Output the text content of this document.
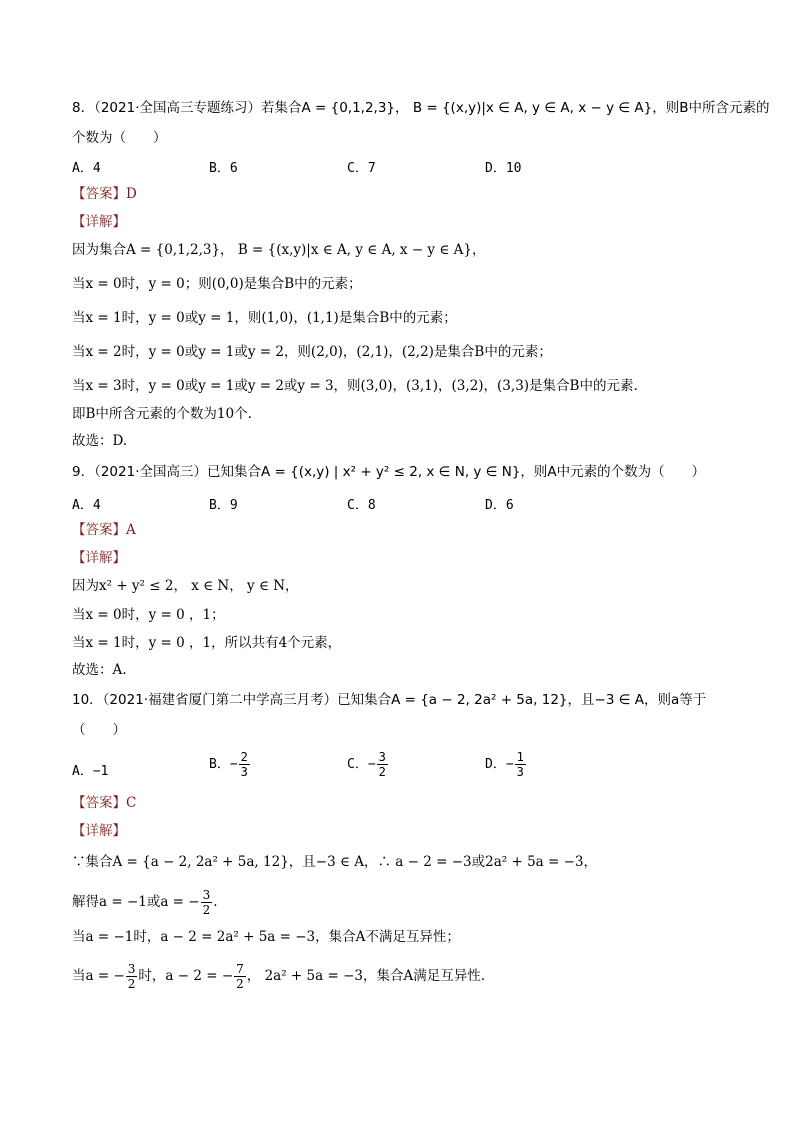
8．（2021·全国高三专题练习）若集合A = {0,1,2,3}， B = {(x,y)|x ∈ A, y ∈ A, x − y ∈ A}，则B中所含元素的
个数为（　　）
A．4	B．6	C．7	D．10
【答案】D
【详解】
因为集合A = {0,1,2,3}， B = {(x,y)|x ∈ A, y ∈ A, x − y ∈ A}，
当x = 0时，y = 0；则(0,0)是集合B中的元素；
当x = 1时，y = 0或y = 1，则(1,0)，(1,1)是集合B中的元素；
当x = 2时，y = 0或y = 1或y = 2，则(2,0)，(2,1)，(2,2)是集合B中的元素；
当x = 3时，y = 0或y = 1或y = 2或y = 3，则(3,0)，(3,1)，(3,2)，(3,3)是集合B中的元素.
即B中所含元素的个数为10个.
故选：D.
9．（2021·全国高三）已知集合A = {(x,y) | x² + y² ≤ 2, x ∈ N, y ∈ N}，则A中元素的个数为（　　）
A．4	B．9	C．8	D．6
【答案】A
【详解】
因为x² + y² ≤ 2， x ∈ N， y ∈ N，
当x = 0时，y = 0 ，1；
当x = 1时，y = 0 ，1，所以共有4个元素，
故选：A.
10．（2021·福建省厦门第二中学高三月考）已知集合A = {a − 2, 2a² + 5a, 12}，且−3 ∈ A，则a等于
（　　）
A．−1	B．− $\frac{2}{3}$	C．− $\frac{3}{2}$	D．− $\frac{1}{3}$
【答案】C
【详解】
∵集合A = {a − 2, 2a² + 5a, 12}，且−3 ∈ A，∴ a − 2 = −3或2a² + 5a = −3，
解得a = −1或a = − $\frac{3}{2}$ .
当a = −1时，a − 2 = 2a² + 5a = −3，集合A不满足互异性；
当a = − $\frac{3}{2}$ 时，a − 2 = − $\frac{7}{2}$ ， 2a² + 5a = −3，集合A满足互异性.
